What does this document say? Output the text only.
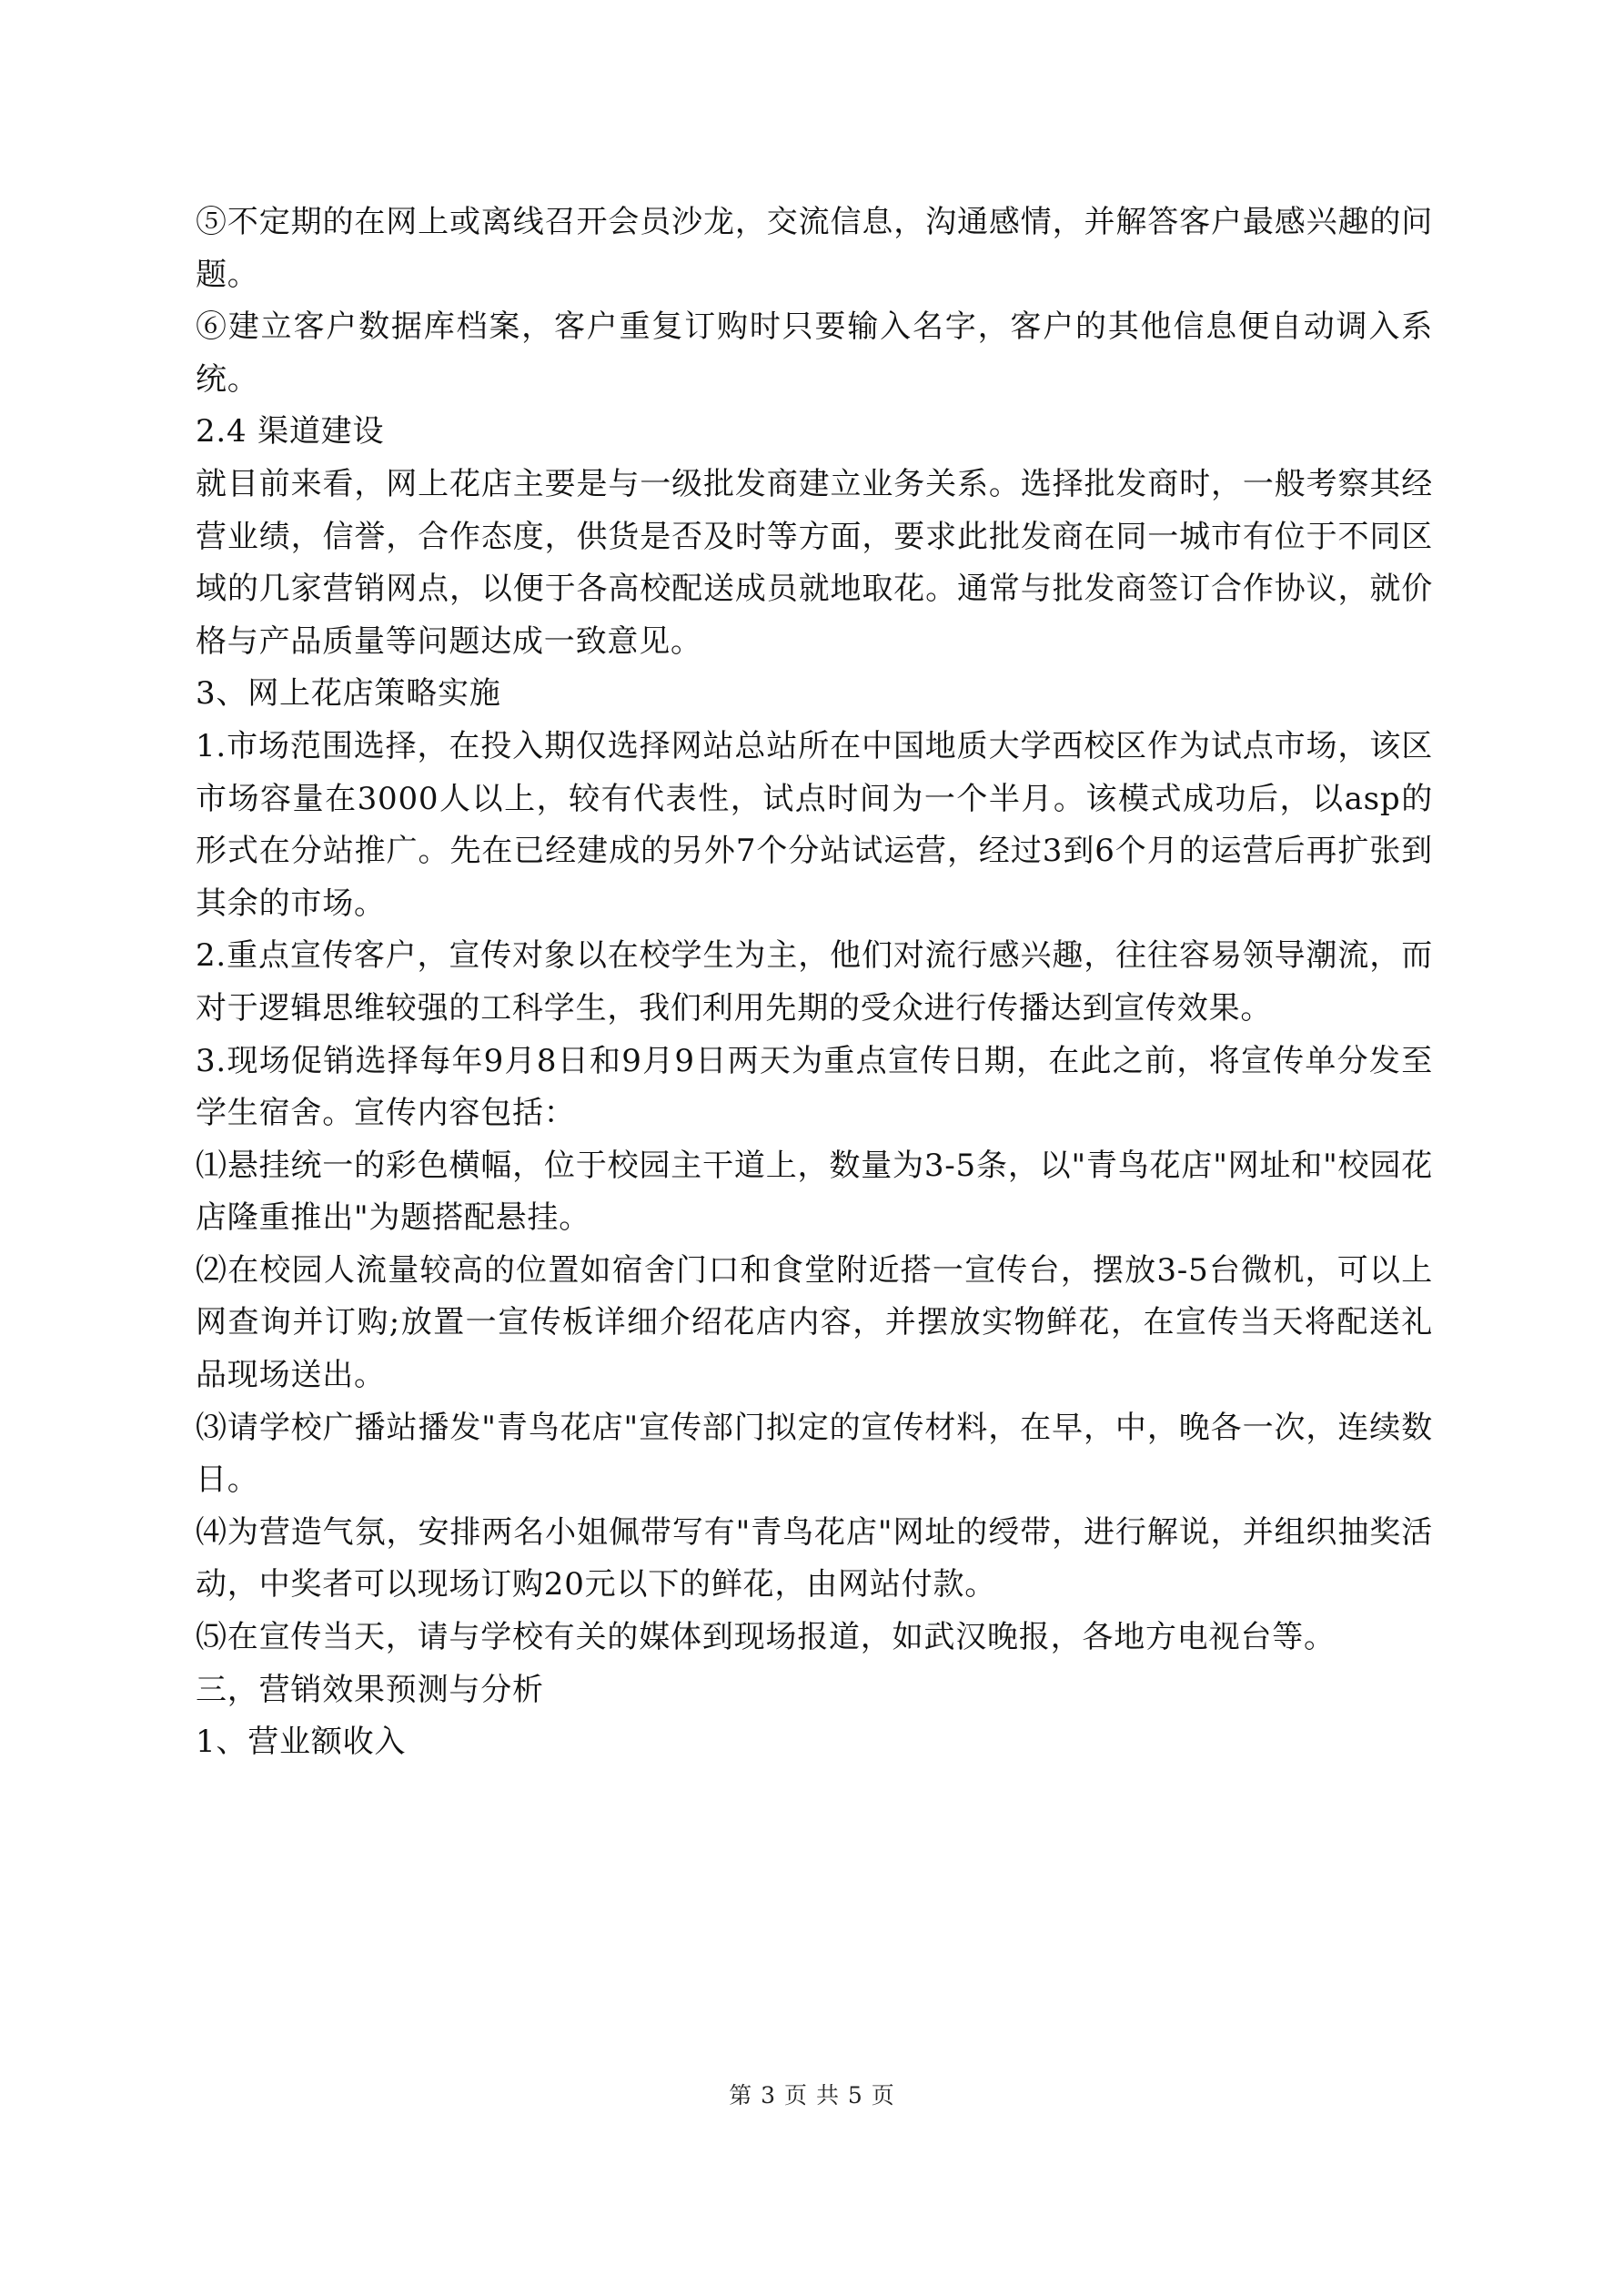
⑤不定期的在网上或离线召开会员沙龙，交流信息，沟通感情，并解答客户最感兴趣的问题。

⑥建立客户数据库档案，客户重复订购时只要输入名字，客户的其他信息便自动调入系统。

2.4 渠道建设

就目前来看，网上花店主要是与一级批发商建立业务关系。选择批发商时，一般考察其经营业绩，信誉，合作态度，供货是否及时等方面，要求此批发商在同一城市有位于不同区域的几家营销网点，以便于各高校配送成员就地取花。通常与批发商签订合作协议，就价格与产品质量等问题达成一致意见。

3、网上花店策略实施

1.市场范围选择，在投入期仅选择网站总站所在中国地质大学西校区作为试点市场，该区市场容量在3000人以上，较有代表性，试点时间为一个半月。该模式成功后，以asp的形式在分站推广。先在已经建成的另外7个分站试运营，经过3到6个月的运营后再扩张到其余的市场。

2.重点宣传客户，宣传对象以在校学生为主，他们对流行感兴趣，往往容易领导潮流，而对于逻辑思维较强的工科学生，我们利用先期的受众进行传播达到宣传效果。

3.现场促销选择每年9月8日和9月9日两天为重点宣传日期，在此之前，将宣传单分发至学生宿舍。宣传内容包括：

⑴悬挂统一的彩色横幅，位于校园主干道上，数量为3-5条，以"青鸟花店"网址和"校园花店隆重推出"为题搭配悬挂。

⑵在校园人流量较高的位置如宿舍门口和食堂附近搭一宣传台，摆放3-5台微机，可以上网查询并订购;放置一宣传板详细介绍花店内容，并摆放实物鲜花，在宣传当天将配送礼品现场送出。

⑶请学校广播站播发"青鸟花店"宣传部门拟定的宣传材料，在早，中，晚各一次，连续数日。

⑷为营造气氛，安排两名小姐佩带写有"青鸟花店"网址的绶带，进行解说，并组织抽奖活动，中奖者可以现场订购20元以下的鲜花，由网站付款。

⑸在宣传当天，请与学校有关的媒体到现场报道，如武汉晚报，各地方电视台等。

三，营销效果预测与分析

1、营业额收入

第 3 页 共 5 页
